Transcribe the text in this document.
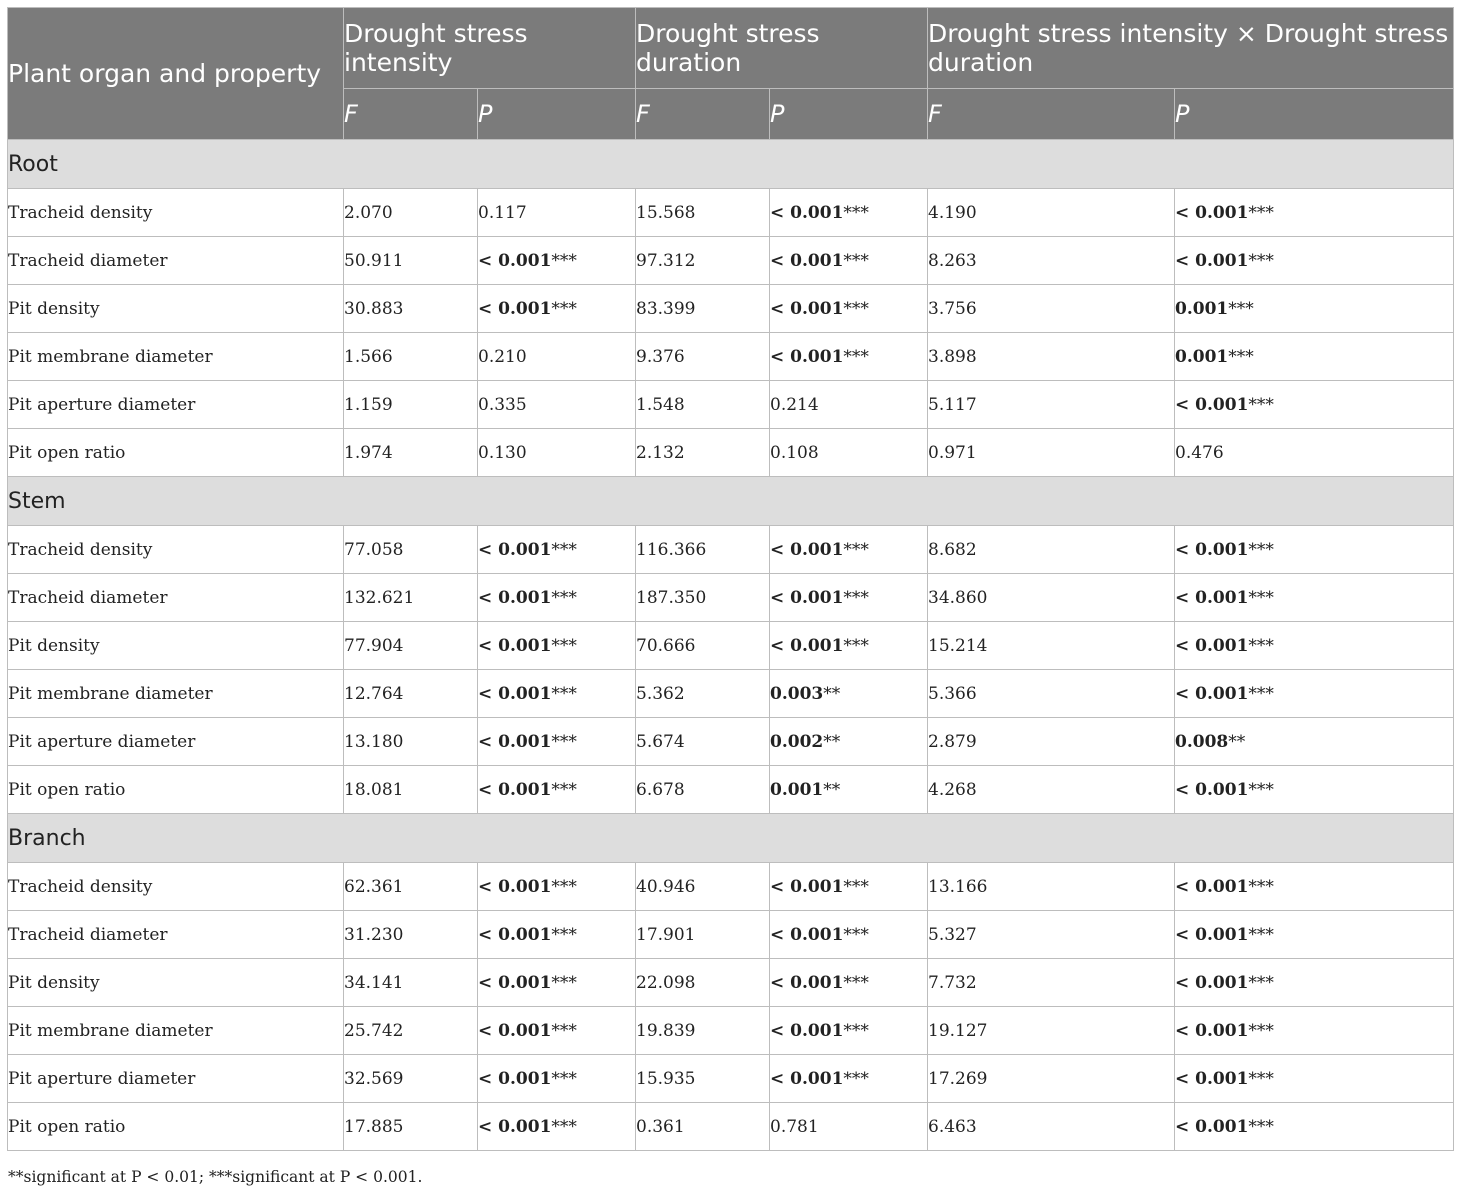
Plant organ and property	Drought stress intensity		Drought stress duration		Drought stress intensity × Drought stress duration	
	F	P	F	P	F	P
Root						
Tracheid density	2.070	0.117	15.568	< 0.001***	4.190	< 0.001***
Tracheid diameter	50.911	< 0.001***	97.312	< 0.001***	8.263	< 0.001***
Pit density	30.883	< 0.001***	83.399	< 0.001***	3.756	0.001***
Pit membrane diameter	1.566	0.210	9.376	< 0.001***	3.898	0.001***
Pit aperture diameter	1.159	0.335	1.548	0.214	5.117	< 0.001***
Pit open ratio	1.974	0.130	2.132	0.108	0.971	0.476
Stem						
Tracheid density	77.058	< 0.001***	116.366	< 0.001***	8.682	< 0.001***
Tracheid diameter	132.621	< 0.001***	187.350	< 0.001***	34.860	< 0.001***
Pit density	77.904	< 0.001***	70.666	< 0.001***	15.214	< 0.001***
Pit membrane diameter	12.764	< 0.001***	5.362	0.003**	5.366	< 0.001***
Pit aperture diameter	13.180	< 0.001***	5.674	0.002**	2.879	0.008**
Pit open ratio	18.081	< 0.001***	6.678	0.001**	4.268	< 0.001***
Branch						
Tracheid density	62.361	< 0.001***	40.946	< 0.001***	13.166	< 0.001***
Tracheid diameter	31.230	< 0.001***	17.901	< 0.001***	5.327	< 0.001***
Pit density	34.141	< 0.001***	22.098	< 0.001***	7.732	< 0.001***
Pit membrane diameter	25.742	< 0.001***	19.839	< 0.001***	19.127	< 0.001***
Pit aperture diameter	32.569	< 0.001***	15.935	< 0.001***	17.269	< 0.001***
Pit open ratio	17.885	< 0.001***	0.361	0.781	6.463	< 0.001***
**significant at P < 0.01; ***significant at P < 0.001.
